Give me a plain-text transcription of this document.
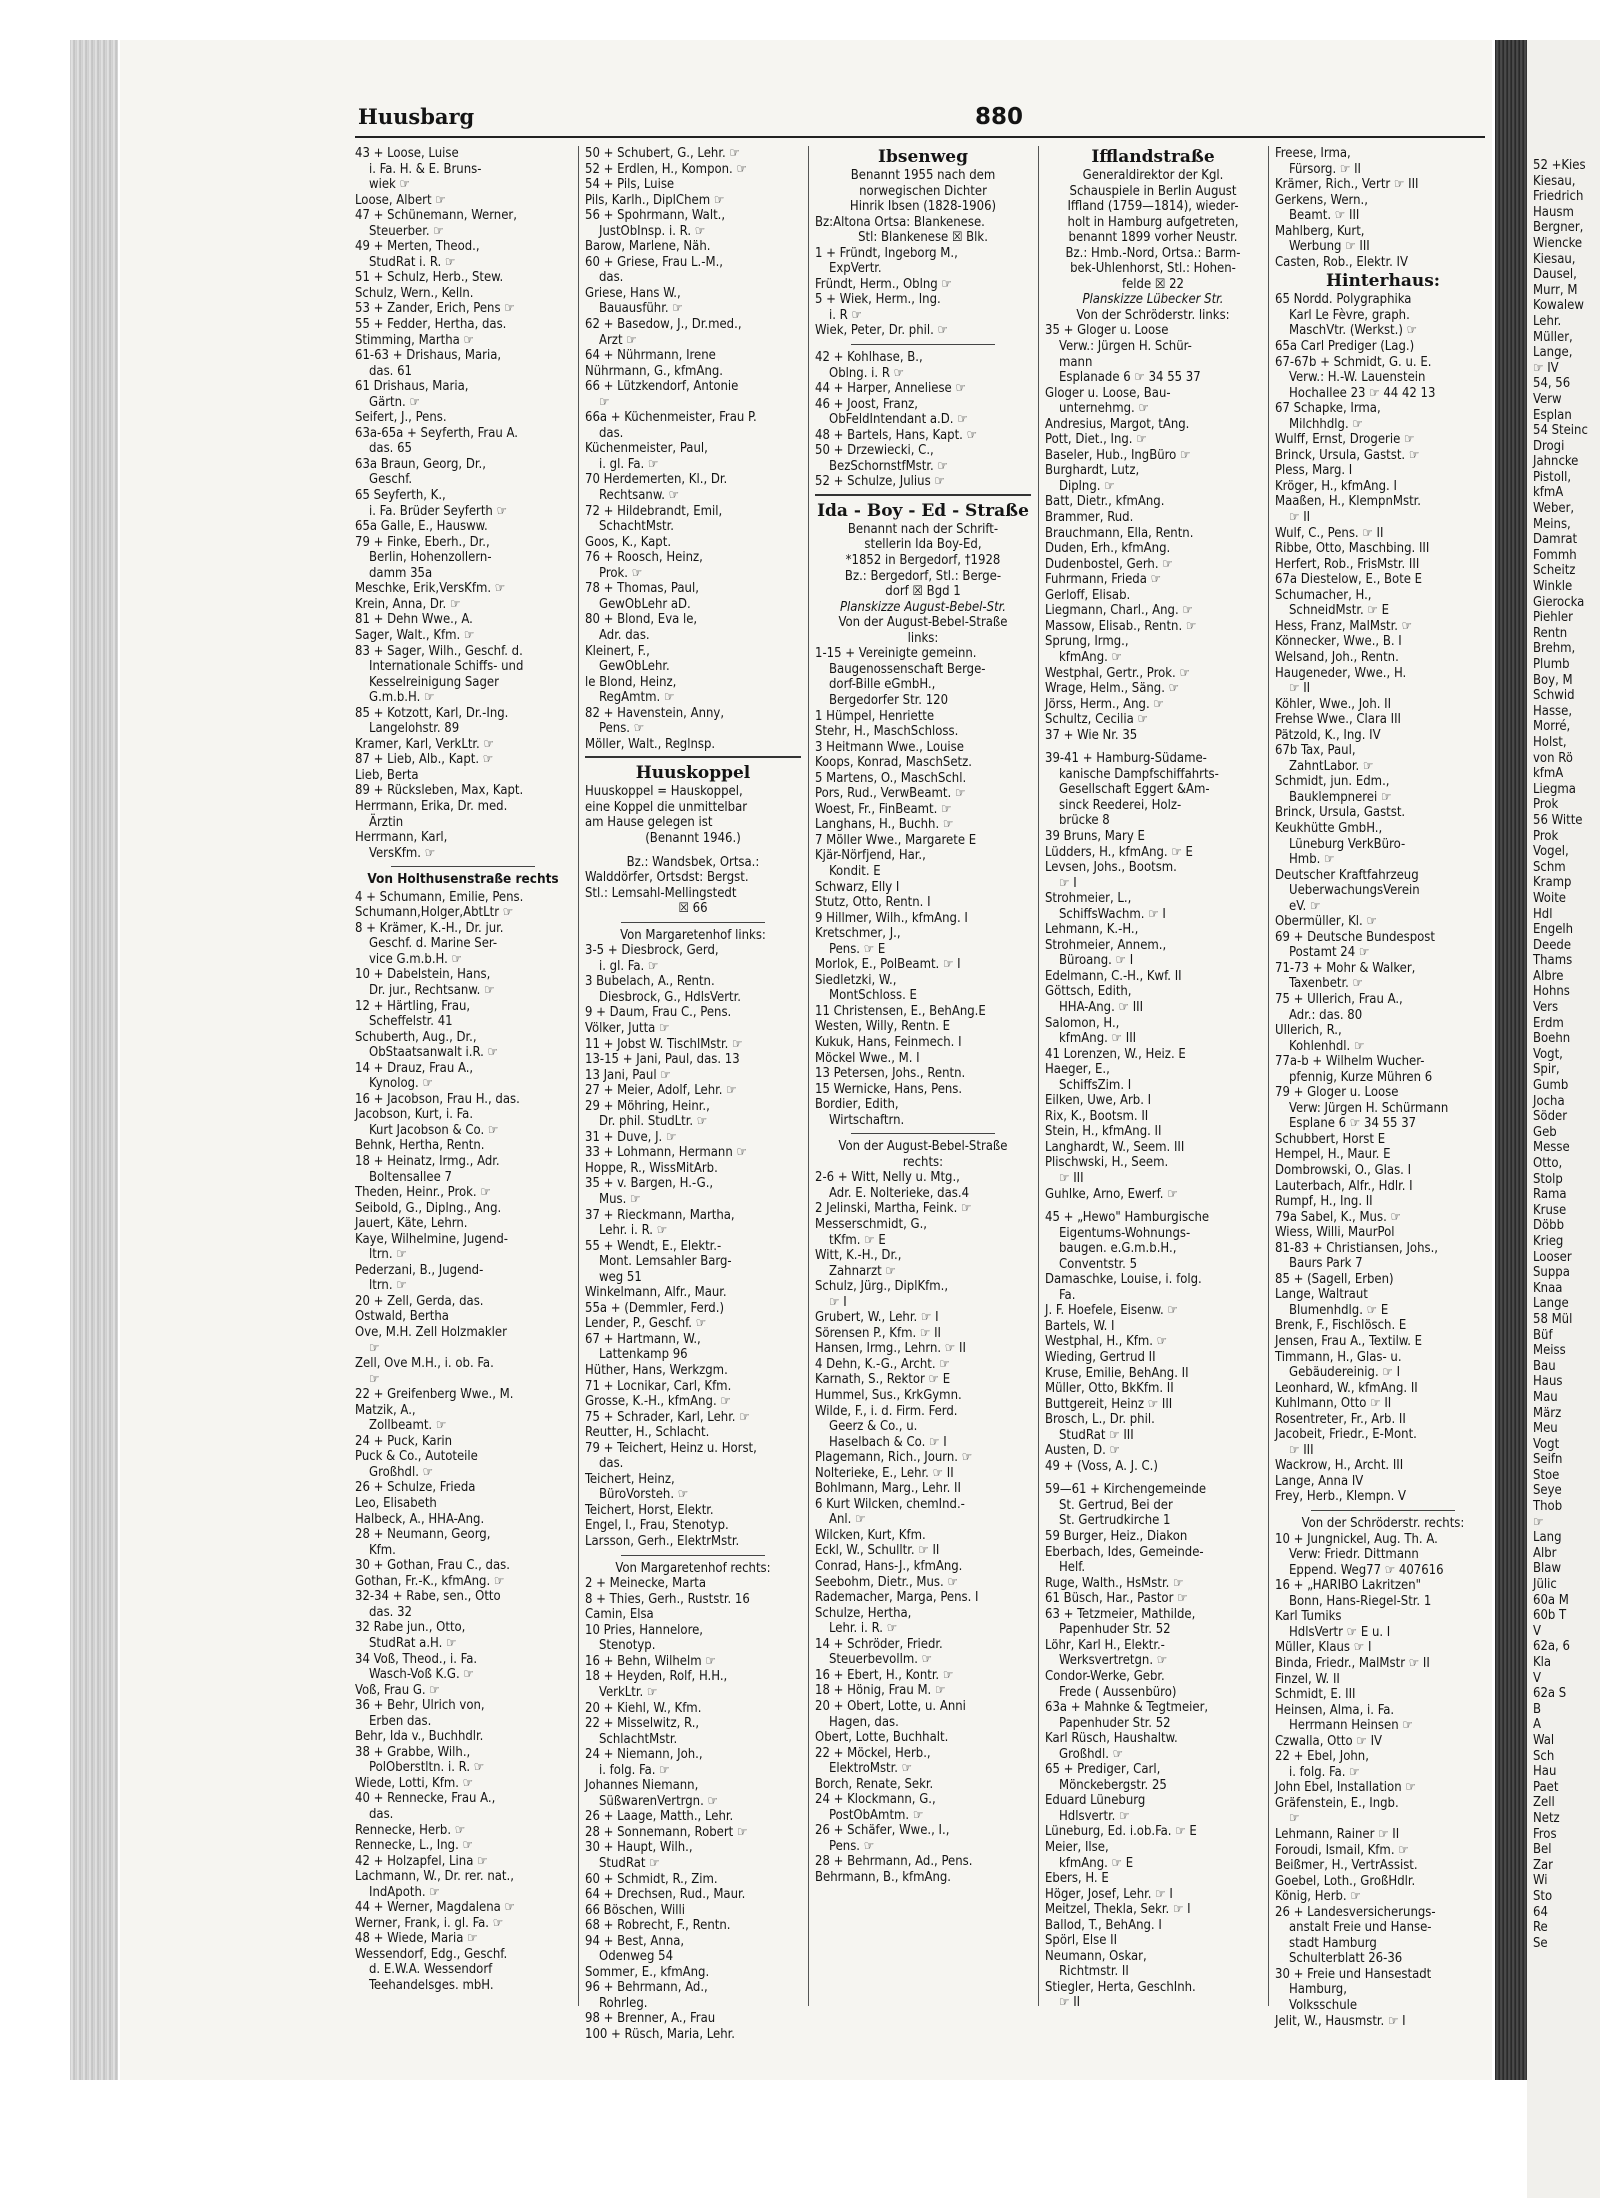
52 +Kies
Kiesau,
Friedrich
Hausm
Bergner,
Wiencke
Kiesau,
Dausel,
Murr, M
Kowalew
Lehr.
Müller,
Lange,
☞ IV
54, 56
Verw
Esplan
54 Steinc
Drogi
Jahncke
Pistoll,
kfmA
Weber,
Meins,
Damrat
Fommh
Scheitz
Winkle
Gierocka
Piehler
Rentn
Brehm,
Plumb
Boy, M
Schwid
Hasse,
Morré,
Holst,
von Rö
kfmA
Liegma
Prok
56 Witte
Prok
Vogel,
Schm
Kramp
Woite
Hdl
Engelh
Deede
Thams
Albre
Hohns
Vers
Erdm
Boehn
Vogt,
Spir,
Gumb
Jocha
Söder
Geb
Messe
Otto,
Stolp
Rama
Kruse
Döbb
Krieg
Looser
Suppa
Knaa
Lange
58 Mül
Büf
Meiss
Bau
Haus
Mau
März
Meu
Vogt
Seifn
Stoe
Seye
Thob
☞
Lang
Albr
Blaw
Jülic
60a M
60b T
V
62a, 6
Kla
V
62a S
B
A
Wal
Sch
Hau
Paet
Zell
Netz
Fros
Bel
Zar
Wi
Sto
64
Re
Se
Huusbarg	880
43 + Loose, Luise
i. Fa. H. & E. Bruns-
wiek ☞
Loose, Albert ☞
47 + Schünemann, Werner,
Steuerber. ☞
49 + Merten, Theod.,
StudRat i. R. ☞
51 + Schulz, Herb., Stew.
Schulz, Wern., Kelln.
53 + Zander, Erich, Pens ☞
55 + Fedder, Hertha, das.
Stimming, Martha ☞
61-63 + Drishaus, Maria,
das. 61
61 Drishaus, Maria,
Gärtn. ☞
Seifert, J., Pens.
63a-65a + Seyferth, Frau A.
das. 65
63a Braun, Georg, Dr.,
Geschf.
65 Seyferth, K.,
i. Fa. Brüder Seyferth ☞
65a Galle, E., Hausww.
79 + Finke, Eberh., Dr.,
Berlin, Hohenzollern-
damm 35a
Meschke, Erik,VersKfm. ☞
Krein, Anna, Dr. ☞
81 + Dehn Wwe., A.
Sager, Walt., Kfm. ☞
83 + Sager, Wilh., Geschf. d.
Internationale Schiffs- und
Kesselreinigung Sager
G.m.b.H. ☞
85 + Kotzott, Karl, Dr.-Ing.
Langelohstr. 89
Kramer, Karl, VerkLtr. ☞
87 + Lieb, Alb., Kapt. ☞
Lieb, Berta
89 + Rücksleben, Max, Kapt.
Herrmann, Erika, Dr. med.
Ärztin
Herrmann, Karl,
VersKfm. ☞
Von Holthusenstraße rechts
4 + Schumann, Emilie, Pens.
Schumann,Holger,AbtLtr ☞
8 + Krämer, K.-H., Dr. jur.
Geschf. d. Marine Ser-
vice G.m.b.H. ☞
10 + Dabelstein, Hans,
Dr. jur., Rechtsanw. ☞
12 + Härtling, Frau,
Scheffelstr. 41
Schuberth, Aug., Dr.,
ObStaatsanwalt i.R. ☞
14 + Drauz, Frau A.,
Kynolog. ☞
16 + Jacobson, Frau H., das.
Jacobson, Kurt, i. Fa.
Kurt Jacobson & Co. ☞
Behnk, Hertha, Rentn.
18 + Heinatz, Irmg., Adr.
Boltensallee 7
Theden, Heinr., Prok. ☞
Seibold, G., Diplng., Ang.
Jauert, Käte, Lehrn.
Kaye, Wilhelmine, Jugend-
ltrn. ☞
Pederzani, B., Jugend-
ltrn. ☞
20 + Zell, Gerda, das.
Ostwald, Bertha
Ove, M.H. Zell Holzmakler
☞
Zell, Ove M.H., i. ob. Fa.
☞
22 + Greifenberg Wwe., M.
Matzik, A.,
Zollbeamt. ☞
24 + Puck, Karin
Puck & Co., Autoteile
Großhdl. ☞
26 + Schulze, Frieda
Leo, Elisabeth
Halbeck, A., HHA-Ang.
28 + Neumann, Georg,
Kfm.
30 + Gothan, Frau C., das.
Gothan, Fr.-K., kfmAng. ☞
32-34 + Rabe, sen., Otto
das. 32
32 Rabe jun., Otto,
StudRat a.H. ☞
34 Voß, Theod., i. Fa.
Wasch-Voß K.G. ☞
Voß, Frau G. ☞
36 + Behr, Ulrich von,
Erben das.
Behr, Ida v., Buchhdlr.
38 + Grabbe, Wilh.,
PolOberstltn. i. R. ☞
Wiede, Lotti, Kfm. ☞
40 + Rennecke, Frau A.,
das.
Rennecke, Herb. ☞
Rennecke, L., Ing. ☞
42 + Holzapfel, Lina ☞
Lachmann, W., Dr. rer. nat.,
IndApoth. ☞
44 + Werner, Magdalena ☞
Werner, Frank, i. gl. Fa. ☞
48 + Wiede, Maria ☞
Wessendorf, Edg., Geschf.
d. E.W.A. Wessendorf
Teehandelsges. mbH.
50 + Schubert, G., Lehr. ☞
52 + Erdlen, H., Kompon. ☞
54 + Pils, Luise
Pils, Karlh., DiplChem ☞
56 + Spohrmann, Walt.,
JustObInsp. i. R. ☞
Barow, Marlene, Näh.
60 + Griese, Frau L.-M.,
das.
Griese, Hans W.,
Bauausführ. ☞
62 + Basedow, J., Dr.med.,
Arzt ☞
64 + Nührmann, Irene
Nührmann, G., kfmAng.
66 + Lützkendorf, Antonie
☞
66a + Küchenmeister, Frau P.
das.
Küchenmeister, Paul,
i. gl. Fa. ☞
70 Herdemerten, Kl., Dr.
Rechtsanw. ☞
72 + Hildebrandt, Emil,
SchachtMstr.
Goos, K., Kapt.
76 + Roosch, Heinz,
Prok. ☞
78 + Thomas, Paul,
GewObLehr aD.
80 + Blond, Eva le,
Adr. das.
Kleinert, F.,
GewObLehr.
le Blond, Heinz,
RegAmtm. ☞
82 + Havenstein, Anny,
Pens. ☞
Möller, Walt., Reglnsp.
Huuskoppel
Huuskoppel = Hauskoppel,
eine Koppel die unmittelbar
am Hause gelegen ist
(Benannt 1946.)
Bz.: Wandsbek, Ortsa.:
Walddörfer, Ortsdst: Bergst.
Stl.: Lemsahl-Mellingstedt
☒ 66
Von Margaretenhof links:
3-5 + Diesbrock, Gerd,
i. gl. Fa. ☞
3 Bubelach, A., Rentn.
Diesbrock, G., HdlsVertr.
9 + Daum, Frau C., Pens.
Völker, Jutta ☞
11 + Jobst W. TischlMstr. ☞
13-15 + Jani, Paul, das. 13
13 Jani, Paul ☞
27 + Meier, Adolf, Lehr. ☞
29 + Möhring, Heinr.,
Dr. phil. StudLtr. ☞
31 + Duve, J. ☞
33 + Lohmann, Hermann ☞
Hoppe, R., WissMitArb.
35 + v. Bargen, H.-G.,
Mus. ☞
37 + Rieckmann, Martha,
Lehr. i. R. ☞
55 + Wendt, E., Elektr.-
Mont. Lemsahler Barg-
weg 51
Winkelmann, Alfr., Maur.
55a + (Demmler, Ferd.)
Lender, P., Geschf. ☞
67 + Hartmann, W.,
Lattenkamp 96
Hüther, Hans, Werkzgm.
71 + Locnikar, Carl, Kfm.
Grosse, K.-H., kfmAng. ☞
75 + Schrader, Karl, Lehr. ☞
Reutter, H., Schlacht.
79 + Teichert, Heinz u. Horst,
das.
Teichert, Heinz,
BüroVorsteh. ☞
Teichert, Horst, Elektr.
Engel, I., Frau, Stenotyp.
Larsson, Gerh., ElektrMstr.
Von Margaretenhof rechts:
2 + Meinecke, Marta
8 + Thies, Gerh., Ruststr. 16
Camin, Elsa
10 Pries, Hannelore,
Stenotyp.
16 + Behn, Wilhelm ☞
18 + Heyden, Rolf, H.H.,
VerkLtr. ☞
20 + Kiehl, W., Kfm.
22 + Misselwitz, R.,
SchlachtMstr.
24 + Niemann, Joh.,
i. folg. Fa. ☞
Johannes Niemann,
SüßwarenVertrgn. ☞
26 + Laage, Matth., Lehr.
28 + Sonnemann, Robert ☞
30 + Haupt, Wilh.,
StudRat ☞
60 + Schmidt, R., Zim.
64 + Drechsen, Rud., Maur.
66 Böschen, Willi
68 + Robrecht, F., Rentn.
94 + Best, Anna,
Odenweg 54
Sommer, E., kfmAng.
96 + Behrmann, Ad.,
Rohrleg.
98 + Brenner, A., Frau
100 + Rüsch, Maria, Lehr.
Ibsenweg
Benannt 1955 nach dem
norwegischen Dichter
Hinrik Ibsen (1828-1906)
Bz:Altona Ortsa: Blankenese.
Stl: Blankenese ☒ Blk.
1 + Fründt, Ingeborg M.,
ExpVertr.
Fründt, Herm., Oblng ☞
5 + Wiek, Herm., Ing.
i. R ☞
Wiek, Peter, Dr. phil. ☞
42 + Kohlhase, B.,
Oblng. i. R ☞
44 + Harper, Anneliese ☞
46 + Joost, Franz,
ObFeldIntendant a.D. ☞
48 + Bartels, Hans, Kapt. ☞
50 + Drzewiecki, C.,
BezSchornstfMstr. ☞
52 + Schulze, Julius ☞
Ida - Boy - Ed - Straße
Benannt nach der Schrift-
stellerin Ida Boy-Ed,
*1852 in Bergedorf, †1928
Bz.: Bergedorf, Stl.: Berge-
dorf ☒ Bgd 1
Planskizze August-Bebel-Str.
Von der August-Bebel-Straße
links:
1-15 + Vereinigte gemeinn.
Baugenossenschaft Berge-
dorf-Bille eGmbH.,
Bergedorfer Str. 120
1 Hümpel, Henriette
Stehr, H., MaschSchloss.
3 Heitmann Wwe., Louise
Koops, Konrad, MaschSetz.
5 Martens, O., MaschSchl.
Pors, Rud., VerwBeamt. ☞
Woest, Fr., FinBeamt. ☞
Langhans, H., Buchh. ☞
7 Möller Wwe., Margarete E
Kjär-Nörfjend, Har.,
Kondit. E
Schwarz, Elly I
Stutz, Otto, Rentn. I
9 Hillmer, Wilh., kfmAng. I
Kretschmer, J.,
Pens. ☞ E
Morlok, E., PolBeamt. ☞ I
Siedletzki, W.,
MontSchloss. E
11 Christensen, E., BehAng.E
Westen, Willy, Rentn. E
Kukuk, Hans, Feinmech. I
Möckel Wwe., M. I
13 Petersen, Johs., Rentn.
15 Wernicke, Hans, Pens.
Bordier, Edith,
Wirtschaftrn.
Von der August-Bebel-Straße
rechts:
2-6 + Witt, Nelly u. Mtg.,
Adr. E. Nolterieke, das.4
2 Jelinski, Martha, Feink. ☞
Messerschmidt, G.,
tKfm. ☞ E
Witt, K.-H., Dr.,
Zahnarzt ☞
Schulz, Jürg., DiplKfm.,
☞ I
Grubert, W., Lehr. ☞ I
Sörensen P., Kfm. ☞ II
Hansen, Irmg., Lehrn. ☞ II
4 Dehn, K.-G., Archt. ☞
Karnath, S., Rektor ☞ E
Hummel, Sus., KrkGymn.
Wilde, F., i. d. Firm. Ferd.
Geerz & Co., u.
Haselbach & Co. ☞ I
Plagemann, Rich., Journ. ☞
Nolterieke, E., Lehr. ☞ II
Bohlmann, Marg., Lehr. II
6 Kurt Wilcken, chemInd.-
Anl. ☞
Wilcken, Kurt, Kfm.
Eckl, W., Schulltr. ☞ II
Conrad, Hans-J., kfmAng.
Seebohm, Dietr., Mus. ☞
Rademacher, Marga, Pens. I
Schulze, Hertha,
Lehr. i. R. ☞
14 + Schröder, Friedr.
Steuerbevollm. ☞
16 + Ebert, H., Kontr. ☞
18 + Hönig, Frau M. ☞
20 + Obert, Lotte, u. Anni
Hagen, das.
Obert, Lotte, Buchhalt.
22 + Möckel, Herb.,
ElektroMstr. ☞
Borch, Renate, Sekr.
24 + Klockmann, G.,
PostObAmtm. ☞
26 + Schäfer, Wwe., I.,
Pens. ☞
28 + Behrmann, Ad., Pens.
Behrmann, B., kfmAng.
Ifflandstraße
Generaldirektor der Kgl.
Schauspiele in Berlin August
Iffland (1759—1814), wieder-
holt in Hamburg aufgetreten,
benannt 1899 vorher Neustr.
Bz.: Hmb.-Nord, Ortsa.: Barm-
bek-Uhlenhorst, Stl.: Hohen-
felde ☒ 22
Planskizze Lübecker Str.
Von der Schröderstr. links:
35 + Gloger u. Loose
Verw.: Jürgen H. Schür-
mann
Esplanade 6 ☞ 34 55 37
Gloger u. Loose, Bau-
unternehmg. ☞
Andresius, Margot, tAng.
Pott, Diet., Ing. ☞
Baseler, Hub., IngBüro ☞
Burghardt, Lutz,
Diplng. ☞
Batt, Dietr., kfmAng.
Brammer, Rud.
Brauchmann, Ella, Rentn.
Duden, Erh., kfmAng.
Dudenbostel, Gerh. ☞
Fuhrmann, Frieda ☞
Gerloff, Elisab.
Liegmann, Charl., Ang. ☞
Massow, Elisab., Rentn. ☞
Sprung, Irmg.,
kfmAng. ☞
Westphal, Gertr., Prok. ☞
Wrage, Helm., Säng. ☞
Jörss, Herm., Ang. ☞
Schultz, Cecilia ☞
37 + Wie Nr. 35
39-41 + Hamburg-Südame-
kanische Dampfschiffahrts-
Gesellschaft Eggert &Am-
sinck Reederei, Holz-
brücke 8
39 Bruns, Mary E
Lüdders, H., kfmAng. ☞ E
Levsen, Johs., Bootsm.
☞ I
Strohmeier, L.,
SchiffsWachm. ☞ I
Lehmann, K.-H.,
Strohmeier, Annem.,
Büroang. ☞ I
Edelmann, C.-H., Kwf. II
Göttsch, Edith,
HHA-Ang. ☞ III
Salomon, H.,
kfmAng. ☞ III
41 Lorenzen, W., Heiz. E
Haeger, E.,
SchiffsZim. I
Eilken, Uwe, Arb. I
Rix, K., Bootsm. II
Stein, H., kfmAng. II
Langhardt, W., Seem. III
Plischwski, H., Seem.
☞ III
Guhlke, Arno, Ewerf. ☞
45 + „Hewo" Hamburgische
Eigentums-Wohnungs-
baugen. e.G.m.b.H.,
Conventstr. 5
Damaschke, Louise, i. folg.
Fa.
J. F. Hoefele, Eisenw. ☞
Bartels, W. I
Westphal, H., Kfm. ☞
Wieding, Gertrud II
Kruse, Emilie, BehAng. II
Müller, Otto, BkKfm. II
Buttgereit, Heinz ☞ III
Brosch, L., Dr. phil.
StudRat ☞ III
Austen, D. ☞
49 + (Voss, A. J. C.)
59—61 + Kirchengemeinde
St. Gertrud, Bei der
St. Gertrudkirche 1
59 Burger, Heiz., Diakon
Eberbach, Ides, Gemeinde-
Helf.
Ruge, Walth., HsMstr. ☞
61 Büsch, Har., Pastor ☞
63 + Tetzmeier, Mathilde,
Papenhuder Str. 52
Löhr, Karl H., Elektr.-
Werksvertretgn. ☞
Condor-Werke, Gebr.
Frede ( Aussenbüro)
63a + Mahnke & Tegtmeier,
Papenhuder Str. 52
Karl Rüsch, Haushaltw.
Großhdl. ☞
65 + Prediger, Carl,
Mönckebergstr. 25
Eduard Lüneburg
Hdlsvertr. ☞
Lüneburg, Ed. i.ob.Fa. ☞ E
Meier, Ilse,
kfmAng. ☞ E
Ebers, H. E
Höger, Josef, Lehr. ☞ I
Meitzel, Thekla, Sekr. ☞ I
Ballod, T., BehAng. I
Spörl, Else II
Neumann, Oskar,
Richtmstr. II
Stiegler, Herta, GeschInh.
☞ II
Freese, Irma,
Fürsorg. ☞ II
Krämer, Rich., Vertr ☞ III
Gerkens, Wern.,
Beamt. ☞ III
Mahlberg, Kurt,
Werbung ☞ III
Casten, Rob., Elektr. IV
Hinterhaus:
65 Nordd. Polygraphika
Karl Le Fèvre, graph.
MaschVtr. (Werkst.) ☞
65a Carl Prediger (Lag.)
67-67b + Schmidt, G. u. E.
Verw.: H.-W. Lauenstein
Hochallee 23 ☞ 44 42 13
67 Schapke, Irma,
Milchhdlg. ☞
Wulff, Ernst, Drogerie ☞
Brinck, Ursula, Gastst. ☞
Pless, Marg. I
Kröger, H., kfmAng. I
Maaßen, H., KlempnMstr.
☞ II
Wulf, C., Pens. ☞ II
Ribbe, Otto, Maschbing. III
Herfert, Rob., FrisMstr. III
67a Diestelow, E., Bote E
Schumacher, H.,
SchneidMstr. ☞ E
Hess, Franz, MalMstr. ☞
Könnecker, Wwe., B. I
Welsand, Joh., Rentn.
Haugeneder, Wwe., H.
☞ II
Köhler, Wwe., Joh. II
Frehse Wwe., Clara III
Pätzold, K., Ing. IV
67b Tax, Paul,
ZahntLabor. ☞
Schmidt, jun. Edm.,
Bauklempnerei ☞
Brinck, Ursula, Gastst.
Keukhütte GmbH.,
Lüneburg VerkBüro-
Hmb. ☞
Deutscher Kraftfahrzeug
UeberwachungsVerein
eV. ☞
Obermüller, Kl. ☞
69 + Deutsche Bundespost
Postamt 24 ☞
71-73 + Mohr & Walker,
Taxenbetr. ☞
75 + Ullerich, Frau A.,
Adr.: das. 80
Ullerich, R.,
Kohlenhdl. ☞
77a-b + Wilhelm Wucher-
pfennig, Kurze Mühren 6
79 + Gloger u. Loose
Verw: Jürgen H. Schürmann
Esplane 6 ☞ 34 55 37
Schubbert, Horst E
Hempel, H., Maur. E
Dombrowski, O., Glas. I
Lauterbach, Alfr., Hdlr. I
Rumpf, H., Ing. II
79a Sabel, K., Mus. ☞
Wiess, Willi, MaurPol
81-83 + Christiansen, Johs.,
Baurs Park 7
85 + (Sagell, Erben)
Lange, Waltraut
Blumenhdlg. ☞ E
Brenk, F., Fischlösch. E
Jensen, Frau A., Textilw. E
Timmann, H., Glas- u.
Gebäudereinig. ☞ I
Leonhard, W., kfmAng. II
Kuhlmann, Otto ☞ II
Rosentreter, Fr., Arb. II
Jacobeit, Friedr., E-Mont.
☞ III
Wackrow, H., Archt. III
Lange, Anna IV
Frey, Herb., Klempn. V
Von der Schröderstr. rechts:
10 + Jungnickel, Aug. Th. A.
Verw: Friedr. Dittmann
Eppend. Weg77 ☞ 407616
16 + „HARIBO Lakritzen"
Bonn, Hans-Riegel-Str. 1
Karl Tumiks
HdlsVertr ☞ E u. I
Müller, Klaus ☞ I
Binda, Friedr., MalMstr ☞ II
Finzel, W. II
Schmidt, E. III
Heinsen, Alma, i. Fa.
Herrmann Heinsen ☞
Czwalla, Otto ☞ IV
22 + Ebel, John,
i. folg. Fa. ☞
John Ebel, Installation ☞
Gräfenstein, E., Ingb.
☞
Lehmann, Rainer ☞ II
Foroudi, Ismail, Kfm. ☞
Beißmer, H., VertrAssist.
Goebel, Loth., GroßHdlr.
König, Herb. ☞
26 + Landesversicherungs-
anstalt Freie und Hanse-
stadt Hamburg
Schulterblatt 26-36
30 + Freie und Hansestadt
Hamburg,
Volksschule
Jelit, W., Hausmstr. ☞ I
